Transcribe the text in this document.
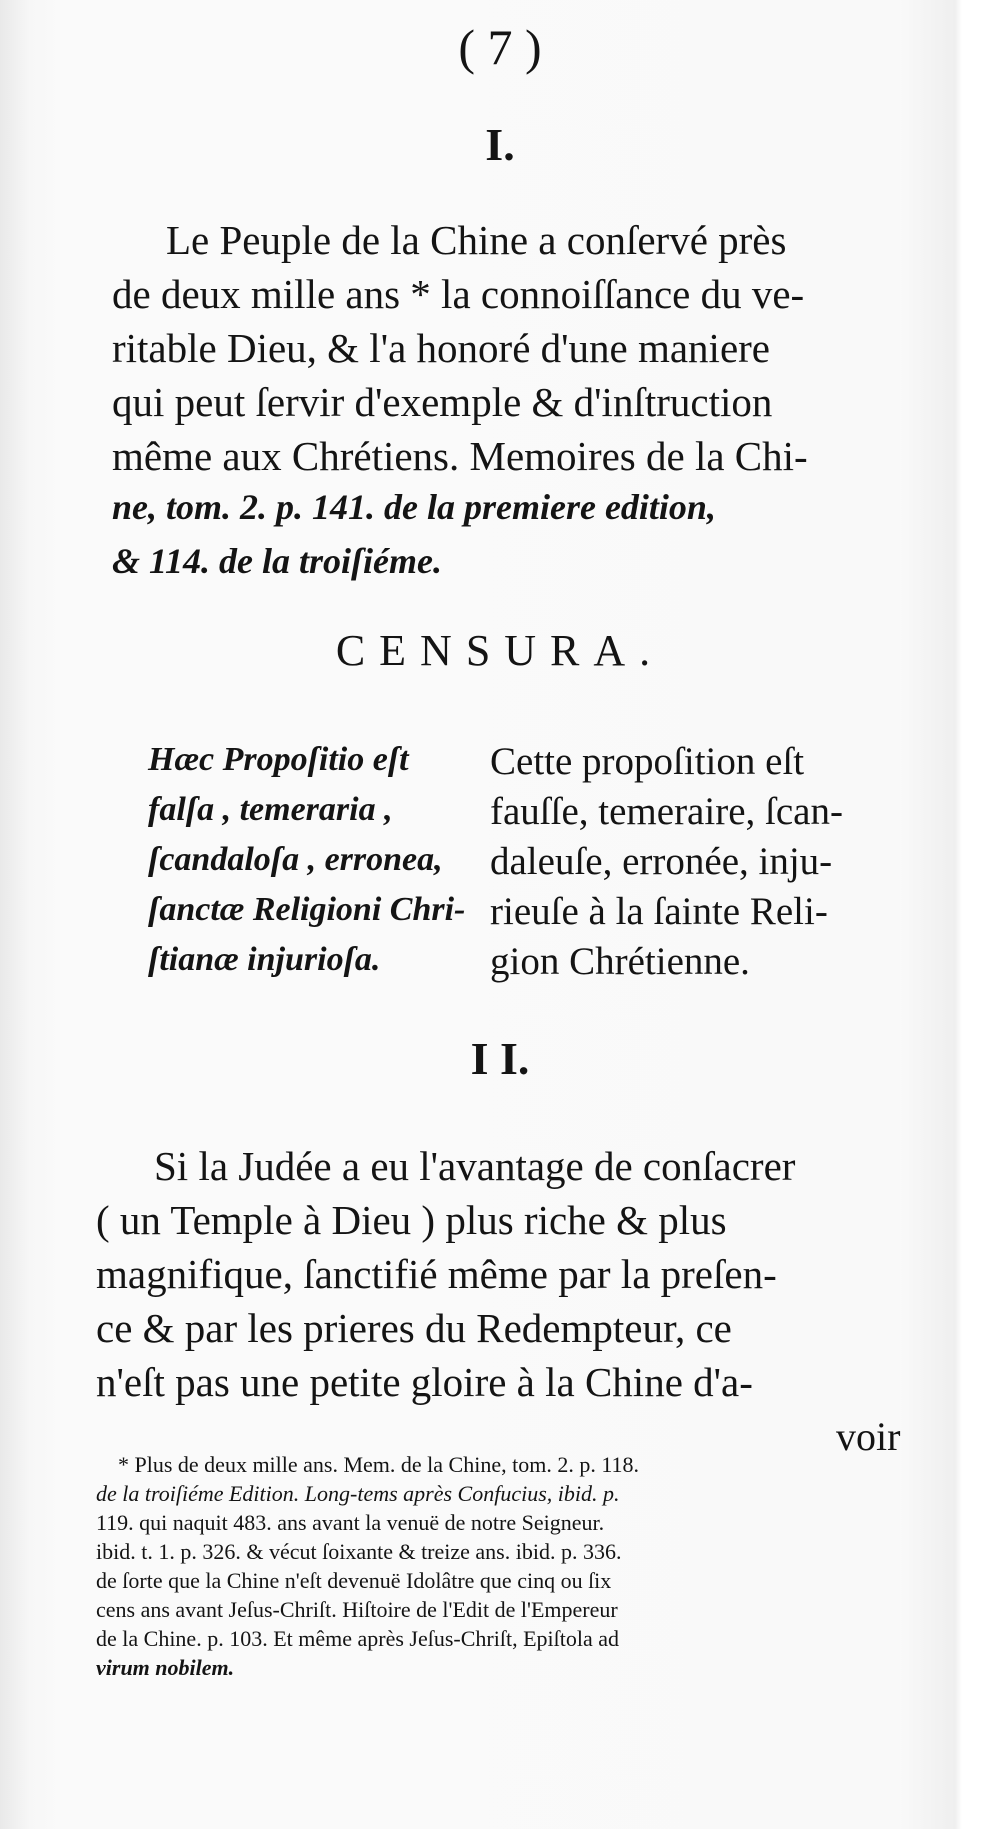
( 7 )
I.
Le Peuple de la Chine a conſervé près
de deux mille ans * la connoiſſance du ve-
ritable Dieu, & l'a honoré d'une maniere
qui peut ſervir d'exemple & d'inſtruction
même aux Chrétiens. Memoires de la Chi-
ne, tom. 2. p. 141. de la premiere edition,
& 114. de la troiſiéme.
CENSURA.
Hæc Propoſitio eſt
falſa , temeraria ,
ſcandaloſa , erronea,
ſanctæ Religioni Chri-
ſtianæ injurioſa.
Cette propoſition eſt
fauſſe, temeraire, ſcan-
daleuſe, erronée, inju-
rieuſe à la ſainte Reli-
gion Chrétienne.
I I.
Si la Judée a eu l'avantage de conſacrer
( un Temple à Dieu ) plus riche & plus
magnifique, ſanctifié même par la preſen-
ce & par les prieres du Redempteur, ce
n'eſt pas une petite gloire à la Chine d'a-
voir
* Plus de deux mille ans. Mem. de la Chine, tom. 2. p. 118.
de la troiſiéme Edition. Long-tems après Confucius, ibid. p.
119. qui naquit 483. ans avant la venuë de notre Seigneur.
ibid. t. 1. p. 326. & vécut ſoixante & treize ans. ibid. p. 336.
de ſorte que la Chine n'eſt devenuë Idolâtre que cinq ou ſix
cens ans avant Jeſus-Chriſt. Hiſtoire de l'Edit de l'Empereur
de la Chine. p. 103. Et même après Jeſus-Chriſt, Epiſtola ad
virum nobilem.
